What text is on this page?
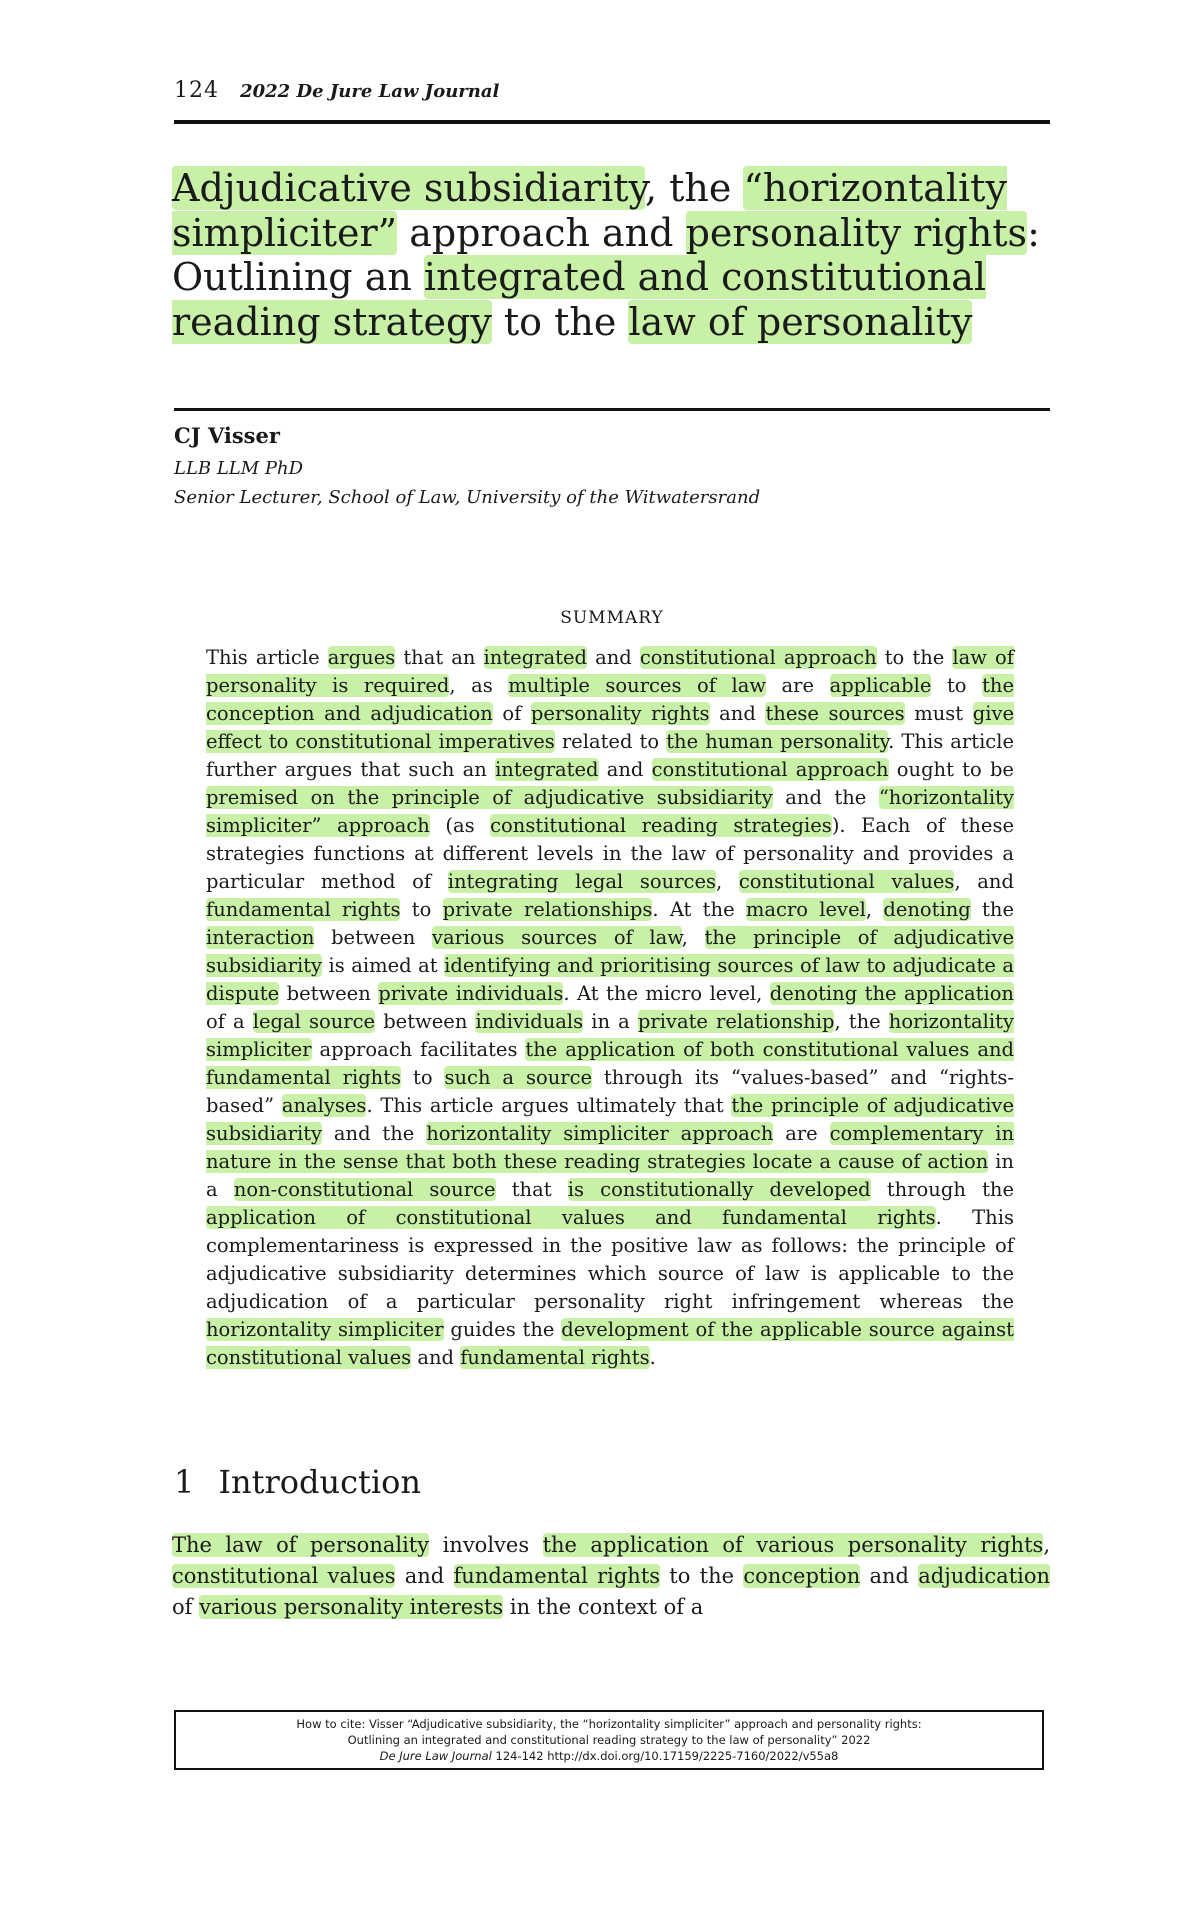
124 2022 De Jure Law Journal
Adjudicative subsidiarity, the “horizontality simpliciter” approach and personality rights: Outlining an integrated and constitutional reading strategy to the law of personality
CJ Visser
LLB LLM PhD
Senior Lecturer, School of Law, University of the Witwatersrand
SUMMARY

This article argues that an integrated and constitutional approach to the law of personality is required, as multiple sources of law are applicable to the conception and adjudication of personality rights and these sources must give effect to constitutional imperatives related to the human personality. This article further argues that such an integrated and constitutional approach ought to be premised on the principle of adjudicative subsidiarity and the “horizontality simpliciter” approach (as constitutional reading strategies). Each of these strategies functions at different levels in the law of personality and provides a particular method of integrating legal sources, constitutional values, and fundamental rights to private relationships. At the macro level, denoting the interaction between various sources of law, the principle of adjudicative subsidiarity is aimed at identifying and prioritising sources of law to adjudicate a dispute between private individuals. At the micro level, denoting the application of a legal source between individuals in a private relationship, the horizontality simpliciter approach facilitates the application of both constitutional values and fundamental rights to such a source through its “values-based” and “rights-based” analyses. This article argues ultimately that the principle of adjudicative subsidiarity and the horizontality simpliciter approach are complementary in nature in the sense that both these reading strategies locate a cause of action in a non-constitutional source that is constitutionally developed through the application of constitutional values and fundamental rights. This complementariness is expressed in the positive law as follows: the principle of adjudicative subsidiarity determines which source of law is applicable to the adjudication of a particular personality right infringement whereas the horizontality simpliciter guides the development of the applicable source against constitutional values and fundamental rights.

1 Introduction

The law of personality involves the application of various personality rights, constitutional values and fundamental rights to the conception and adjudication of various personality interests in the context of a

How to cite: Visser “Adjudicative subsidiarity, the “horizontality simpliciter” approach and personality rights:
Outlining an integrated and constitutional reading strategy to the law of personality” 2022
De Jure Law Journal 124-142 http://dx.doi.org/10.17159/2225-7160/2022/v55a8
